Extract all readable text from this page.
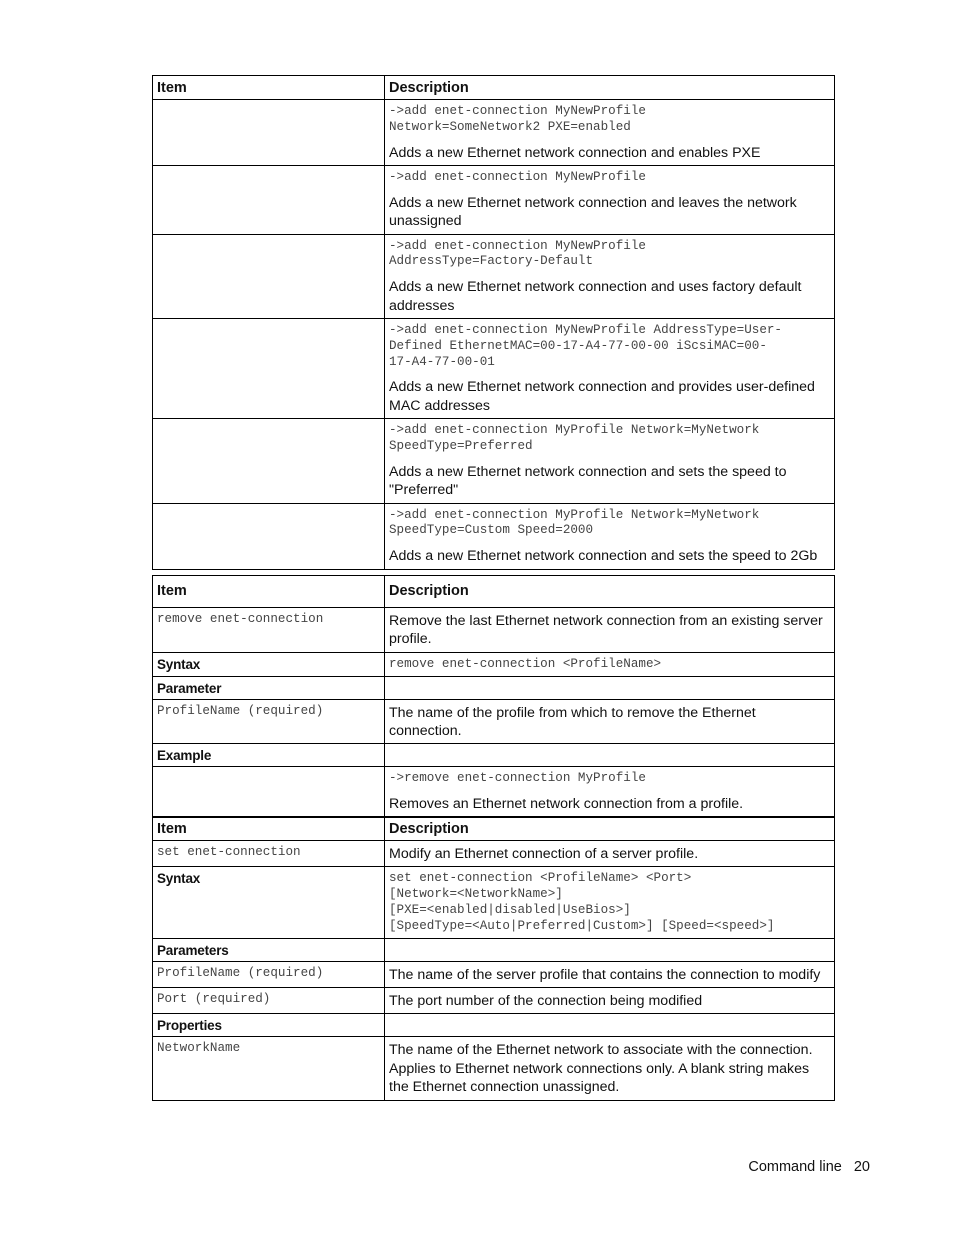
Item	Description

	->add enet-connection MyNewProfile
Network=SomeNetwork2 PXE=enabled
Adds a new Ethernet network connection and enables PXE

	->add enet-connection MyNewProfile
Adds a new Ethernet network connection and leaves the network unassigned

	->add enet-connection MyNewProfile
AddressType=Factory-Default
Adds a new Ethernet network connection and uses factory default addresses

	->add enet-connection MyNewProfile AddressType=User-
Defined EthernetMAC=00-17-A4-77-00-00 iScsiMAC=00-
17-A4-77-00-01
Adds a new Ethernet network connection and provides user-defined MAC addresses

	->add enet-connection MyProfile Network=MyNetwork
SpeedType=Preferred
Adds a new Ethernet network connection and sets the speed to "Preferred"

	->add enet-connection MyProfile Network=MyNetwork
SpeedType=Custom Speed=2000
Adds a new Ethernet network connection and sets the speed to 2Gb
Item	Description
remove enet-connection	Remove the last Ethernet network connection from an existing server profile.
Syntax	remove enet-connection <ProfileName>
Parameter	
ProfileName (required)	The name of the profile from which to remove the Ethernet connection.
Example	

	->remove enet-connection MyProfile
Removes an Ethernet network connection from a profile.
Item	Description
set enet-connection	Modify an Ethernet connection of a server profile.
Syntax	set enet-connection <ProfileName> <Port>
[Network=<NetworkName>]
[PXE=<enabled|disabled|UseBios>]
[SpeedType=<Auto|Preferred|Custom>] [Speed=<speed>]
Parameters	
ProfileName (required)	The name of the server profile that contains the connection to modify
Port (required)	The port number of the connection being modified
Properties	
NetworkName	The name of the Ethernet network to associate with the connection. Applies to Ethernet network connections only. A blank string makes the Ethernet connection unassigned.
Command line 20
